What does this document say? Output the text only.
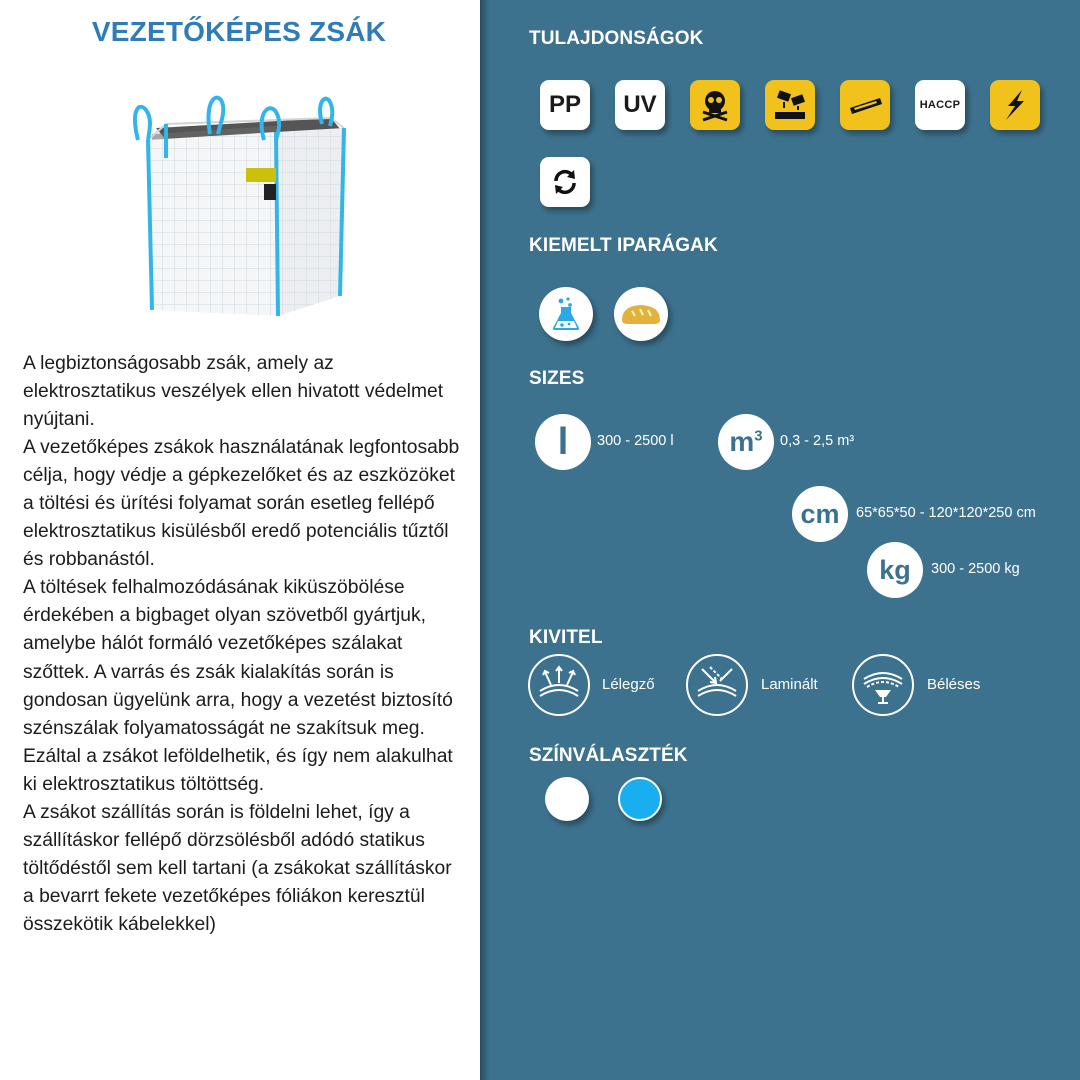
VEZETŐKÉPES ZSÁK

A legbiztonságosabb zsák, amely az elektrosztatikus veszélyek ellen hivatott védelmet nyújtani.

A vezetőképes zsákok használatának legfontosabb célja, hogy védje a gépkezelőket és az eszközöket a töltési és ürítési folyamat során esetleg fellépő elektrosztatikus kisülésből eredő potenciális tűztől és robbanástól.

A töltések felhalmozódásának kiküszöbölése érdekében a bigbaget olyan szövetből gyártjuk, amelybe hálót formáló vezetőképes szálakat szőttek. A varrás és zsák kialakítás során is gondosan ügyelünk arra, hogy a vezetést biztosító szénszálak folyamatosságát ne szakítsuk meg. Ezáltal a zsákot leföldelhetik, és így nem alakulhat ki elektrosztatikus töltöttség.

A zsákot szállítás során is földelni lehet, így a szállításkor fellépő dörzsölésből adódó statikus töltődéstől sem kell tartani (a zsákokat szállításkor a bevarrt fekete vezetőképes fóliákon keresztül összekötik kábelekkel)

TULAJDONSÁGOK
PP UV	HACCP
KIEMELT IPARÁGAK
SIZES
l 300 - 2500 l $m^3$ 0,3 - 2,5 m³
cm 65*65*50 - 120*120*250 cm
kg 300 - 2500 kg
KIVITEL
Lélegző	Laminált	Béléses
SZÍNVÁLASZTÉK
